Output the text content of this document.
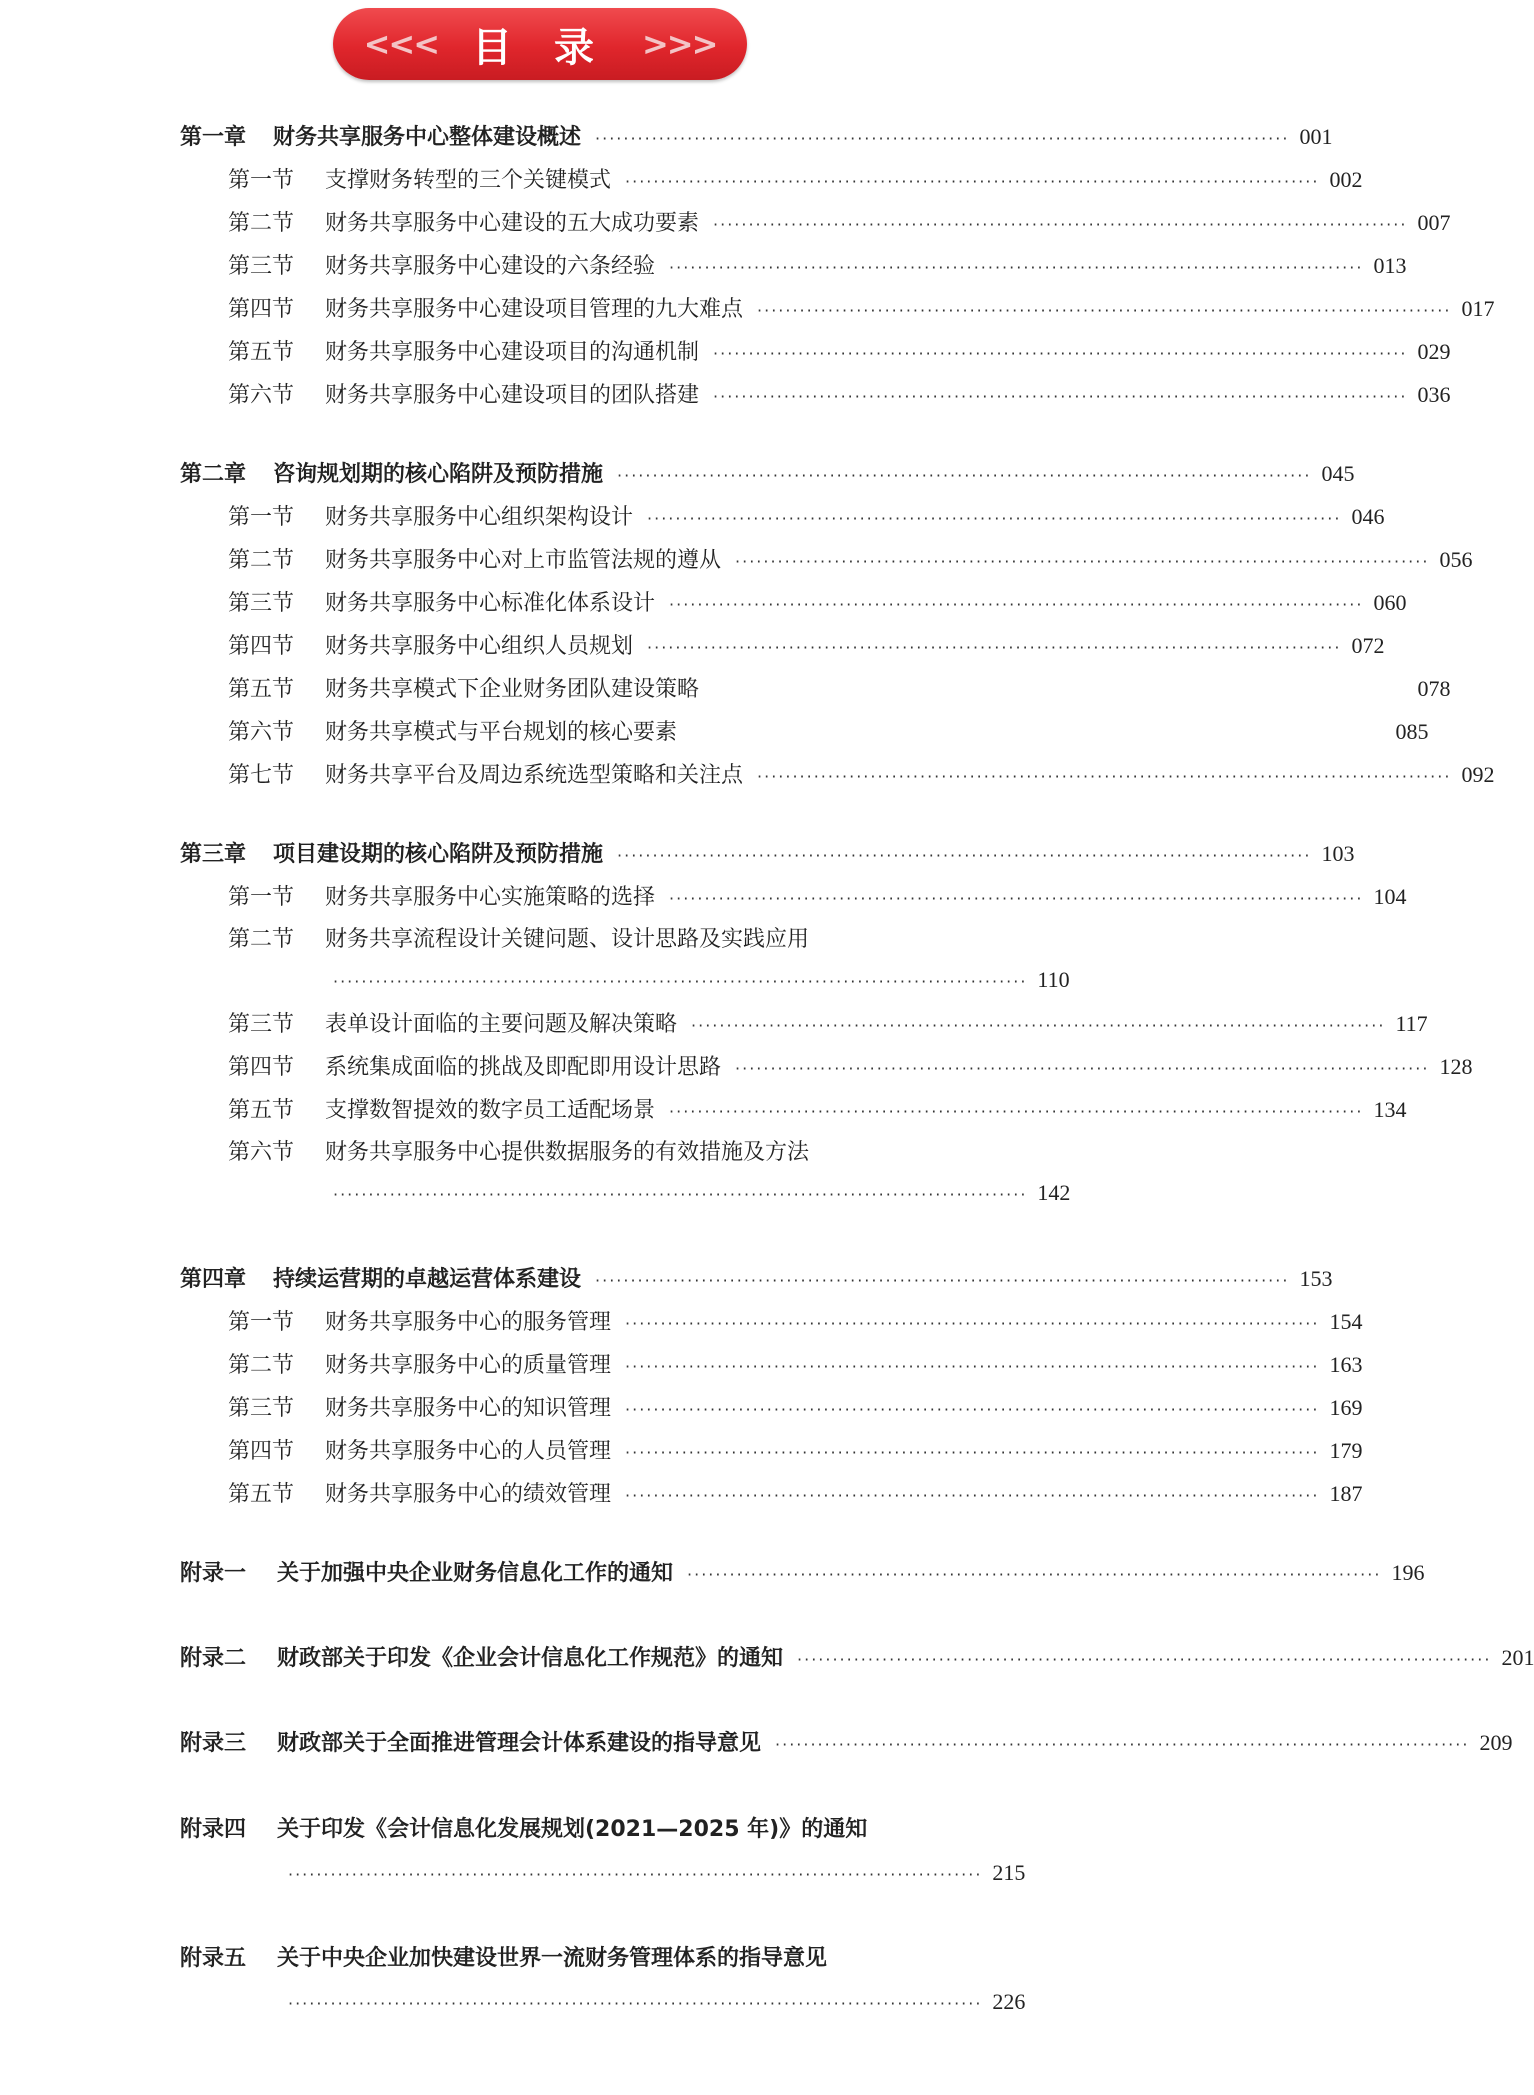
<<< 目 录 >>>
第一章	财务共享服务中心整体建设概述 ·································································································· 001
第一节	支撑财务转型的三个关键模式 ·································································································· 002
第二节	财务共享服务中心建设的五大成功要素 ·································································································· 007
第三节	财务共享服务中心建设的六条经验 ·································································································· 013
第四节	财务共享服务中心建设项目管理的九大难点 ·································································································· 017
第五节	财务共享服务中心建设项目的沟通机制 ·································································································· 029
第六节	财务共享服务中心建设项目的团队搭建 ·································································································· 036
第二章	咨询规划期的核心陷阱及预防措施 ·································································································· 045
第一节	财务共享服务中心组织架构设计 ·································································································· 046
第二节	财务共享服务中心对上市监管法规的遵从 ·································································································· 056
第三节	财务共享服务中心标准化体系设计 ·································································································· 060
第四节	财务共享服务中心组织人员规划 ·································································································· 072
第五节	财务共享模式下企业财务团队建设策略	078
第六节	财务共享模式与平台规划的核心要素	085
第七节	财务共享平台及周边系统选型策略和关注点 ·································································································· 092
第三章	项目建设期的核心陷阱及预防措施 ·································································································· 103
第一节	财务共享服务中心实施策略的选择 ·································································································· 104
第二节	财务共享流程设计关键问题、设计思路及实践应用
·································································································· 110
第三节	表单设计面临的主要问题及解决策略 ·································································································· 117
第四节	系统集成面临的挑战及即配即用设计思路 ·································································································· 128
第五节	支撑数智提效的数字员工适配场景 ·································································································· 134
第六节	财务共享服务中心提供数据服务的有效措施及方法
·································································································· 142
第四章	持续运营期的卓越运营体系建设 ·································································································· 153
第一节	财务共享服务中心的服务管理 ·································································································· 154
第二节	财务共享服务中心的质量管理 ·································································································· 163
第三节	财务共享服务中心的知识管理 ·································································································· 169
第四节	财务共享服务中心的人员管理 ·································································································· 179
第五节	财务共享服务中心的绩效管理 ·································································································· 187
附录一	关于加强中央企业财务信息化工作的通知 ·································································································· 196
附录二	财政部关于印发《企业会计信息化工作规范》的通知 ·································································································· 201
附录三	财政部关于全面推进管理会计体系建设的指导意见 ·································································································· 209
附录四	关于印发《会计信息化发展规划(2021—2025 年)》的通知
·································································································· 215
附录五	关于中央企业加快建设世界一流财务管理体系的指导意见
·································································································· 226
